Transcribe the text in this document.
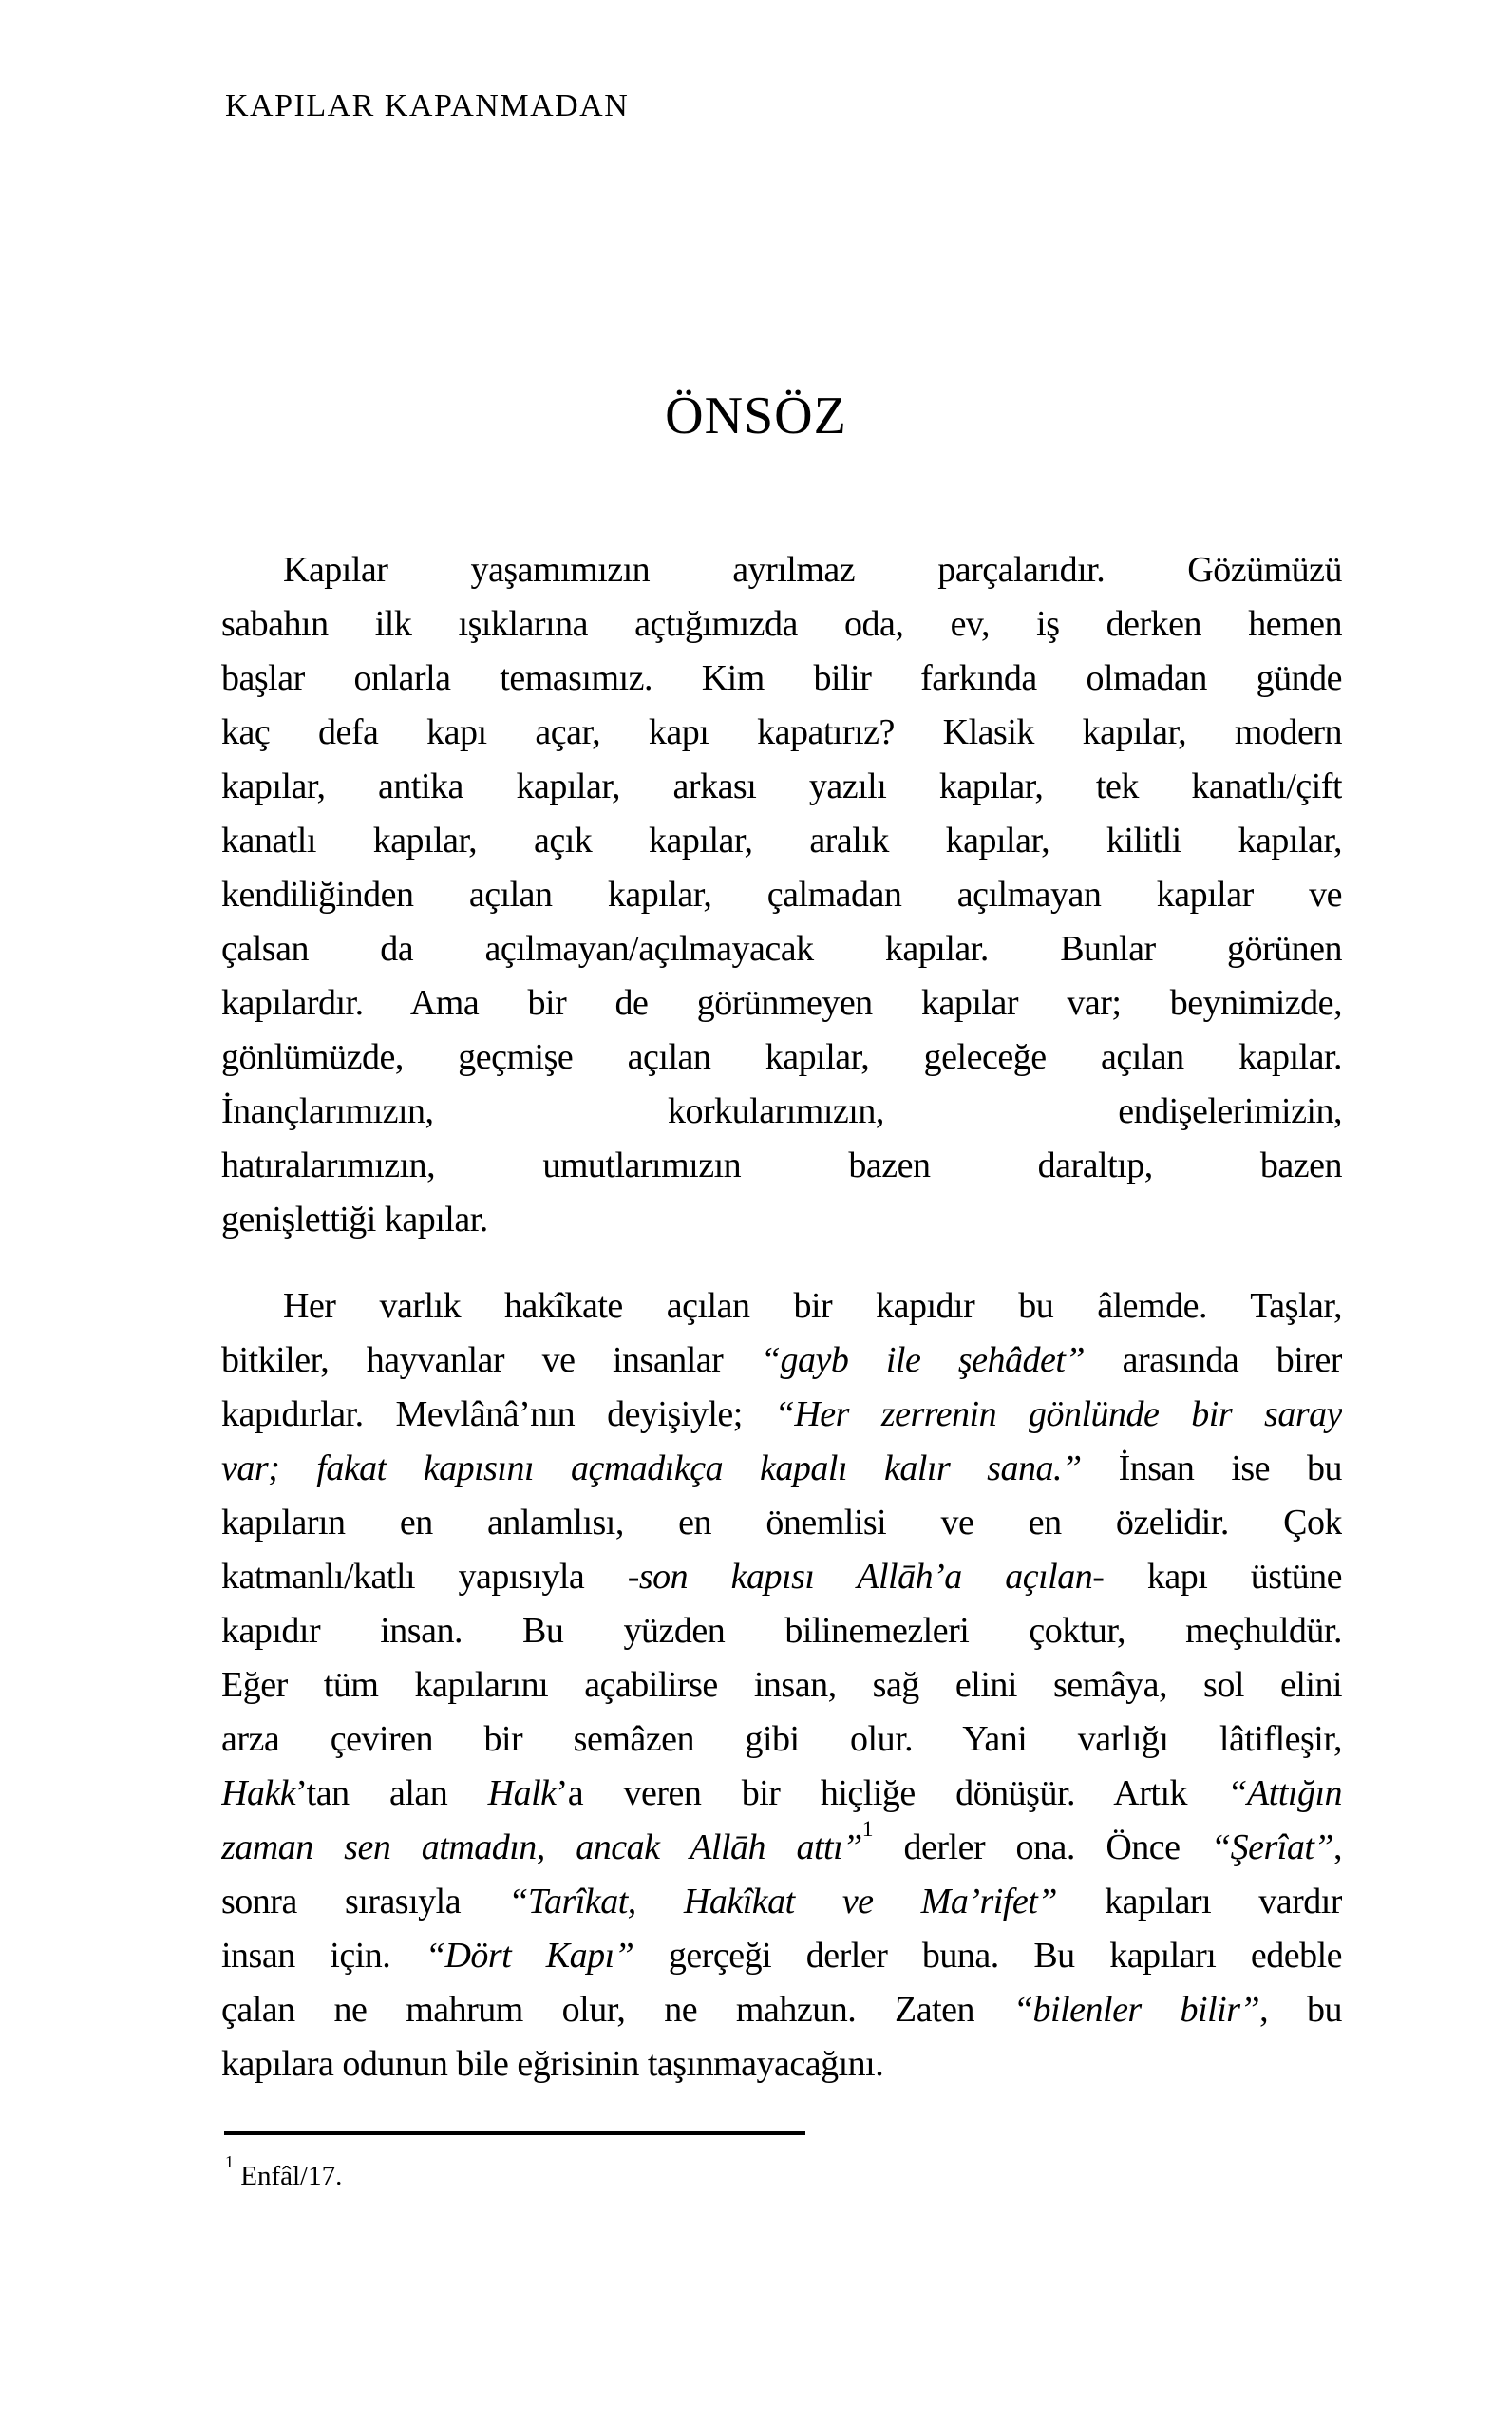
KAPILAR KAPANMADAN
ÖNSÖZ
Kapılar yaşamımızın ayrılmaz parçalarıdır. Gözümüzü
sabahın ilk ışıklarına açtığımızda oda, ev, iş derken hemen
başlar onlarla temasımız. Kim bilir farkında olmadan günde
kaç defa kapı açar, kapı kapatırız? Klasik kapılar, modern
kapılar, antika kapılar, arkası yazılı kapılar, tek kanatlı/çift
kanatlı kapılar, açık kapılar, aralık kapılar, kilitli kapılar,
kendiliğinden açılan kapılar, çalmadan açılmayan kapılar ve
çalsan da açılmayan/açılmayacak kapılar. Bunlar görünen
kapılardır. Ama bir de görünmeyen kapılar var; beynimizde,
gönlümüzde, geçmişe açılan kapılar, geleceğe açılan kapılar.
İnançlarımızın, korkularımızın, endişelerimizin,
hatıralarımızın, umutlarımızın bazen daraltıp, bazen
genişlettiği kapılar.
Her varlık hakîkate açılan bir kapıdır bu âlemde. Taşlar,
bitkiler, hayvanlar ve insanlar “gayb ile şehâdet” arasında birer
kapıdırlar. Mevlânâ’nın deyişiyle; “Her zerrenin gönlünde bir saray
var; fakat kapısını açmadıkça kapalı kalır sana.” İnsan ise bu
kapıların en anlamlısı, en önemlisi ve en özelidir. Çok
katmanlı/katlı yapısıyla -son kapısı Allāh’a açılan- kapı üstüne
kapıdır insan. Bu yüzden bilinemezleri çoktur, meçhuldür.
Eğer tüm kapılarını açabilirse insan, sağ elini semâya, sol elini
arza çeviren bir semâzen gibi olur. Yani varlığı lâtifleşir,
Hakk’tan alan Halk’a veren bir hiçliğe dönüşür. Artık “Attığın
zaman sen atmadın, ancak Allāh attı”$^1$ derler ona. Önce “Şerîat”,
sonra sırasıyla “Tarîkat, Hakîkat ve Ma’rifet” kapıları vardır
insan için. “Dört Kapı” gerçeği derler buna. Bu kapıları edeble
çalan ne mahrum olur, ne mahzun. Zaten “bilenler bilir”, bu
kapılara odunun bile eğrisinin taşınmayacağını.
$^1$ Enfâl/17.
